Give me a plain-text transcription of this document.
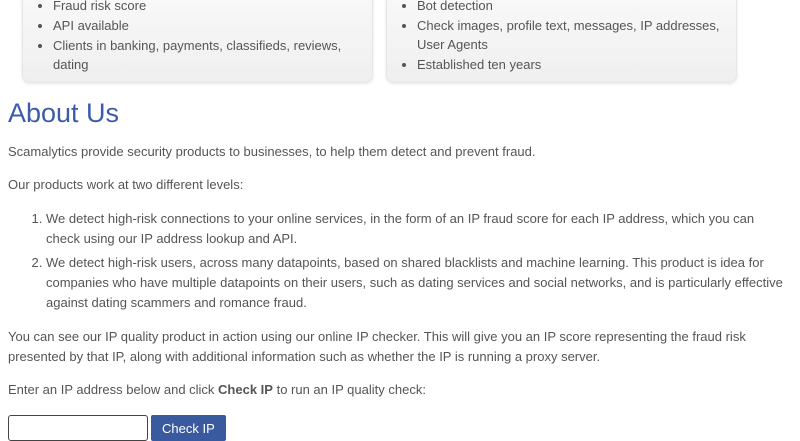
• Fraud risk score
• API available
• Clients in banking, payments, classifieds, reviews, dating
• Bot detection
• Check images, profile text, messages, IP addresses, User Agents
• Established ten years
About Us

Scamalytics provide security products to businesses, to help them detect and prevent fraud.

Our products work at two different levels:

1. We detect high-risk connections to your online services, in the form of an IP fraud score for each IP address, which you can check using our IP address lookup and API.
2. We detect high-risk users, across many datapoints, based on shared blacklists and machine learning. This product is idea for companies who have multiple datapoints on their users, such as dating services and social networks, and is particularly effective against dating scammers and romance fraud.

You can see our IP quality product in action using our online IP checker. This will give you an IP score representing the fraud risk presented by that IP, along with additional information such as whether the IP is running a proxy server.

Enter an IP address below and click Check IP to run an IP quality check:

Check IP
